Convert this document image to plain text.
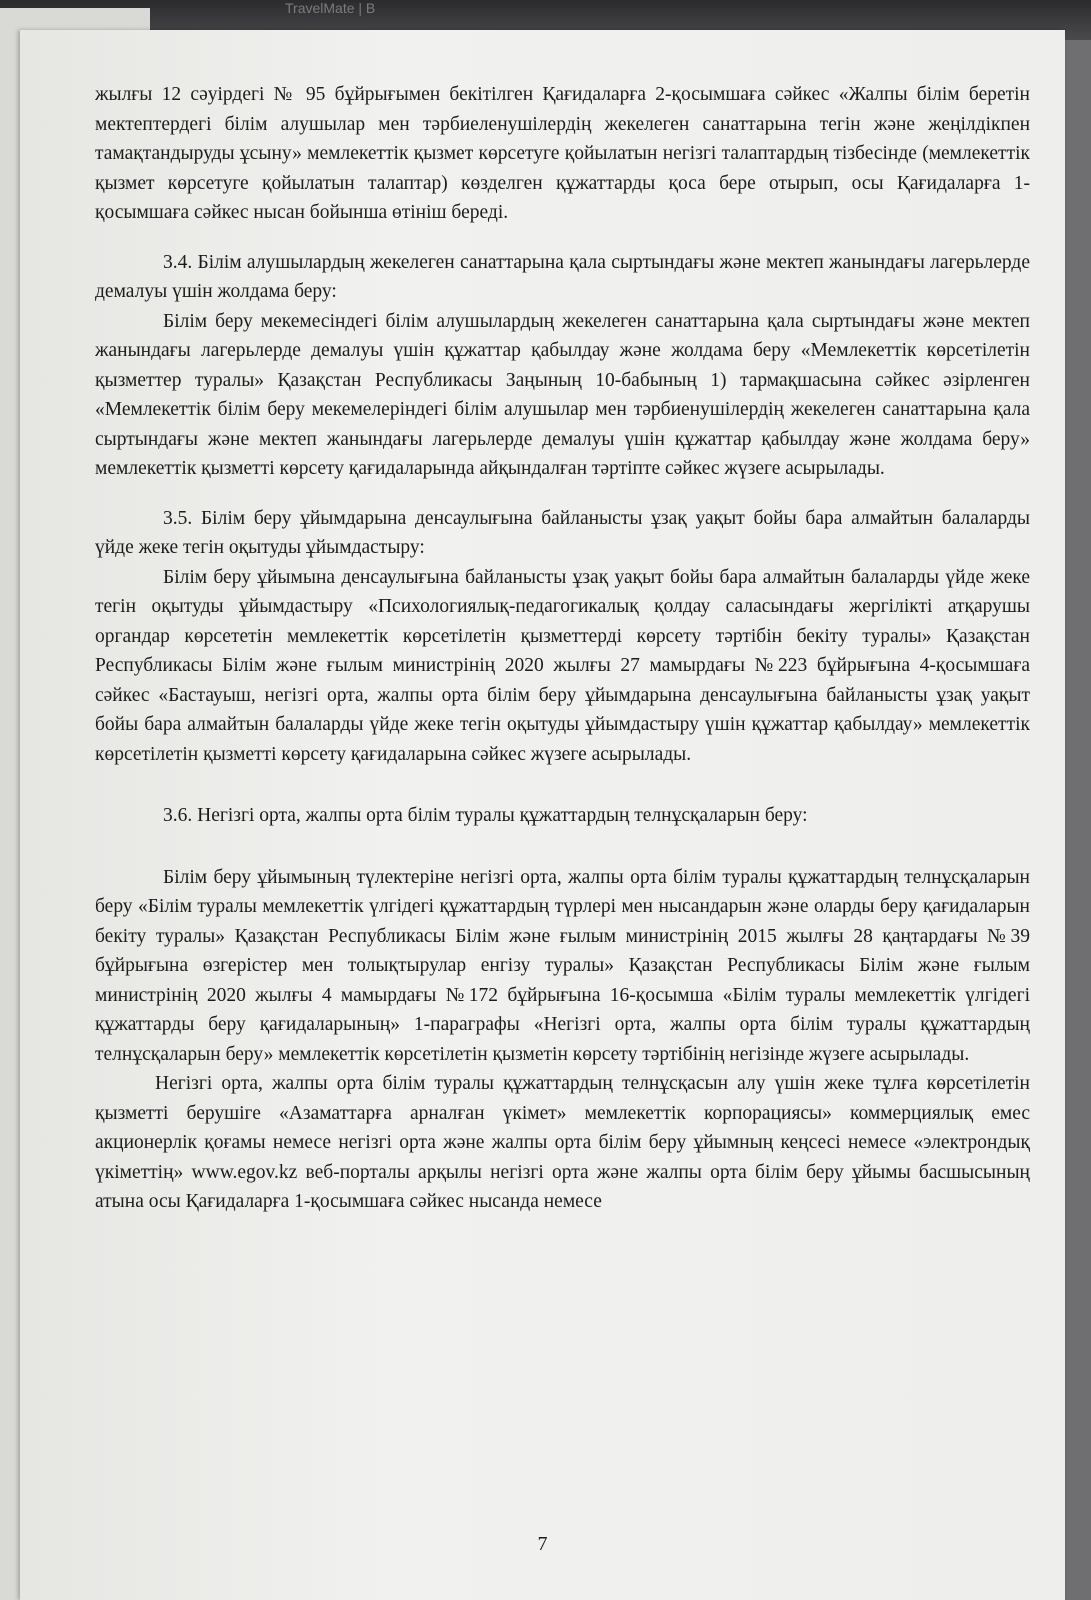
TravelMate | B

жылғы 12 сәуірдегі № 95 бұйрығымен бекітілген Қағидаларға 2-қосымшаға сәйкес «Жалпы білім беретін мектептердегі білім алушылар мен тәрбиеленушілердің жекелеген санаттарына тегін және жеңілдікпен тамақтандыруды ұсыну» мемлекеттік қызмет көрсетуге қойылатын негізгі талаптардың тізбесінде (мемлекеттік қызмет көрсетуге қойылатын талаптар) көзделген құжаттарды қоса бере отырып, осы Қағидаларға 1-қосымшаға сәйкес нысан бойынша өтініш береді.

3.4. Білім алушылардың жекелеген санаттарына қала сыртындағы және мектеп жанындағы лагерьлерде демалуы үшін жолдама беру:

Білім беру мекемесіндегі білім алушылардың жекелеген санаттарына қала сыртындағы және мектеп жанындағы лагерьлерде демалуы үшін құжаттар қабылдау және жолдама беру «Мемлекеттік көрсетілетін қызметтер туралы» Қазақстан Республикасы Заңының 10-бабының 1) тармақшасына сәйкес әзірленген «Мемлекеттік білім беру мекемелеріндегі білім алушылар мен тәрбиенушілердің жекелеген санаттарына қала сыртындағы және мектеп жанындағы лагерьлерде демалуы үшін құжаттар қабылдау және жолдама беру» мемлекеттік қызметті көрсету қағидаларында айқындалған тәртіпте сәйкес жүзеге асырылады.

3.5. Білім беру ұйымдарына денсаулығына байланысты ұзақ уақыт бойы бара алмайтын балаларды үйде жеке тегін оқытуды ұйымдастыру:

Білім беру ұйымына денсаулығына байланысты ұзақ уақыт бойы бара алмайтын балаларды үйде жеке тегін оқытуды ұйымдастыру «Психологиялық-педагогикалық қолдау саласындағы жергілікті атқарушы органдар көрсететін мемлекеттік көрсетілетін қызметтерді көрсету тәртібін бекіту туралы» Қазақстан Республикасы Білім және ғылым министрінің 2020 жылғы 27 мамырдағы №223 бұйрығына 4-қосымшаға сәйкес «Бастауыш, негізгі орта, жалпы орта білім беру ұйымдарына денсаулығына байланысты ұзақ уақыт бойы бара алмайтын балаларды үйде жеке тегін оқытуды ұйымдастыру үшін құжаттар қабылдау» мемлекеттік көрсетілетін қызметті көрсету қағидаларына сәйкес жүзеге асырылады.

3.6. Негізгі орта, жалпы орта білім туралы құжаттардың телнұсқаларын беру:

Білім беру ұйымының түлектеріне негізгі орта, жалпы орта білім туралы құжаттардың телнұсқаларын беру «Білім туралы мемлекеттік үлгідегі құжаттардың түрлері мен нысандарын және оларды беру қағидаларын бекіту туралы» Қазақстан Республикасы Білім және ғылым министрінің 2015 жылғы 28 қаңтардағы №39 бұйрығына өзгерістер мен толықтырулар енгізу туралы» Қазақстан Республикасы Білім және ғылым министрінің 2020 жылғы 4 мамырдағы №172 бұйрығына 16-қосымша «Білім туралы мемлекеттік үлгідегі құжаттарды беру қағидаларының» 1-параграфы «Негізгі орта, жалпы орта білім туралы құжаттардың телнұсқаларын беру» мемлекеттік көрсетілетін қызметін көрсету тәртібінің негізінде жүзеге асырылады.

Негізгі орта, жалпы орта білім туралы құжаттардың телнұсқасын алу үшін жеке тұлға көрсетілетін қызметті берушіге «Азаматтарға арналған үкімет» мемлекеттік корпорациясы» коммерциялық емес акционерлік қоғамы немесе негізгі орта және жалпы орта білім беру ұйымның кеңсесі немесе «электрондық үкіметтің» www.egov.kz веб-порталы арқылы негізгі орта және жалпы орта білім беру ұйымы басшысының атына осы Қағидаларға 1-қосымшаға сәйкес нысанда немесе

7
